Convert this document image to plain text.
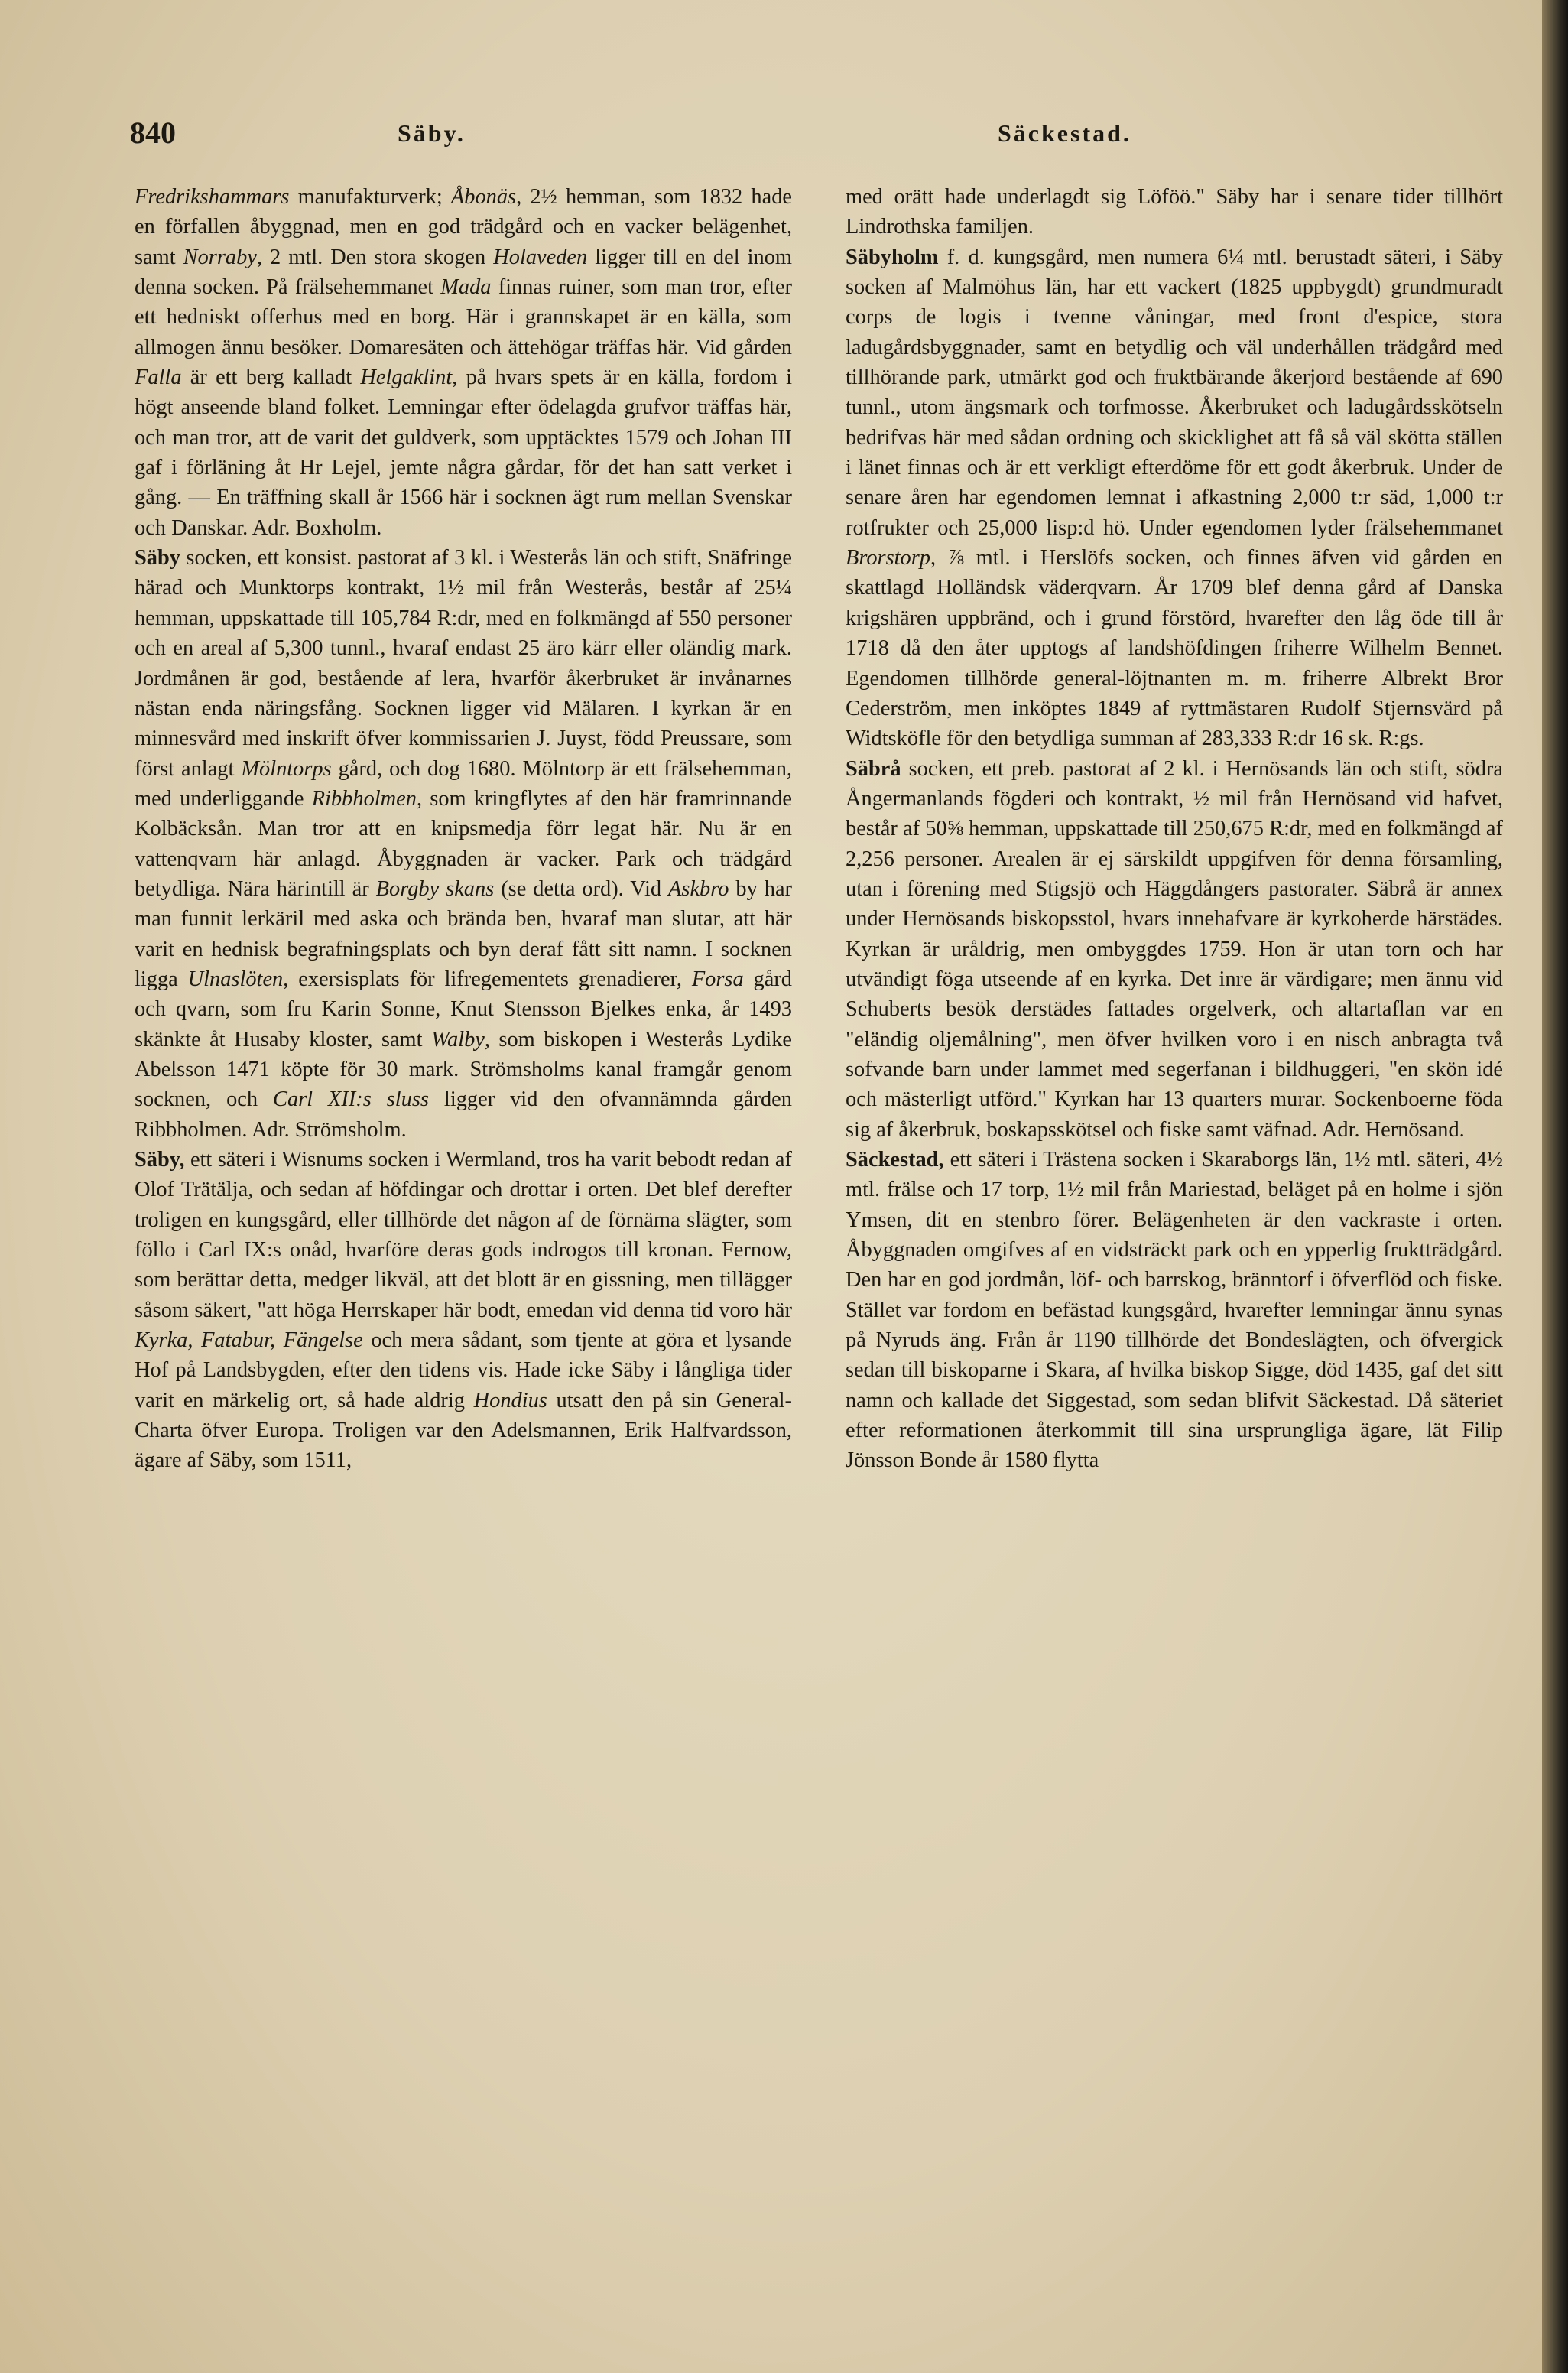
840	Säby.	Säckestad.

Fredrikshammars manufakturverk; Åbonäs, 2½ hemman, som 1832 hade en förfallen åbyggnad, men en god trädgård och en vacker belägenhet, samt Norraby, 2 mtl. Den stora skogen Holaveden ligger till en del inom denna socken. På frälsehemmanet Mada finnas ruiner, som man tror, efter ett hedniskt offerhus med en borg. Här i grannskapet är en källa, som allmogen ännu besöker. Domaresäten och ättehögar träffas här. Vid gården Falla är ett berg kalladt Helgaklint, på hvars spets är en källa, fordom i högt anseende bland folket. Lemningar efter ödelagda grufvor träffas här, och man tror, att de varit det guldverk, som upptäcktes 1579 och Johan III gaf i förläning åt Hr Lejel, jemte några gårdar, för det han satt verket i gång. — En träffning skall år 1566 här i socknen ägt rum mellan Svenskar och Danskar. Adr. Boxholm.

Säby socken, ett konsist. pastorat af 3 kl. i Westerås län och stift, Snäfringe härad och Munktorps kontrakt, 1½ mil från Westerås, består af 25¼ hemman, uppskattade till 105,784 R:dr, med en folkmängd af 550 personer och en areal af 5,300 tunnl., hvaraf endast 25 äro kärr eller oländig mark. Jordmånen är god, bestående af lera, hvarför åkerbruket är invånarnes nästan enda näringsfång. Socknen ligger vid Mälaren. I kyrkan är en minnesvård med inskrift öfver kommissarien J. Juyst, född Preussare, som först anlagt Mölntorps gård, och dog 1680. Mölntorp är ett frälsehemman, med underliggande Ribbholmen, som kringflytes af den här framrinnande Kolbäcksån. Man tror att en knipsmedja förr legat här. Nu är en vattenqvarn här anlagd. Åbyggnaden är vacker. Park och trädgård betydliga. Nära härintill är Borgby skans (se detta ord). Vid Askbro by har man funnit lerkäril med aska och brända ben, hvaraf man slutar, att här varit en hednisk begrafningsplats och byn deraf fått sitt namn. I socknen ligga Ulnaslöten, exersisplats för lifregementets grenadierer, Forsa gård och qvarn, som fru Karin Sonne, Knut Stensson Bjelkes enka, år 1493 skänkte åt Husaby kloster, samt Walby, som biskopen i Westerås Lydike Abelsson 1471 köpte för 30 mark. Strömsholms kanal framgår genom socknen, och Carl XII:s sluss ligger vid den ofvannämnda gården Ribbholmen. Adr. Strömsholm.

Säby, ett säteri i Wisnums socken i Wermland, tros ha varit bebodt redan af Olof Trätälja, och sedan af höfdingar och drottar i orten. Det blef derefter troligen en kungsgård, eller tillhörde det någon af de förnäma slägter, som föllo i Carl IX:s onåd, hvarföre deras gods indrogos till kronan. Fernow, som berättar detta, medger likväl, att det blott är en gissning, men tillägger såsom säkert, "att höga Herrskaper här bodt, emedan vid denna tid voro här Kyrka, Fatabur, Fängelse och mera sådant, som tjente at göra et lysande Hof på Landsbygden, efter den tidens vis. Hade icke Säby i långliga tider varit en märkelig ort, så hade aldrig Hondius utsatt den på sin General-Charta öfver Europa. Troligen var den Adelsmannen, Erik Halfvardsson, ägare af Säby, som 1511,

med orätt hade underlagdt sig Löföö." Säby har i senare tider tillhört Lindrothska familjen.

Säbyholm f. d. kungsgård, men numera 6¼ mtl. berustadt säteri, i Säby socken af Malmöhus län, har ett vackert (1825 uppbygdt) grundmuradt corps de logis i tvenne våningar, med front d'espice, stora ladugårdsbyggnader, samt en betydlig och väl underhållen trädgård med tillhörande park, utmärkt god och fruktbärande åkerjord bestående af 690 tunnl., utom ängsmark och torfmosse. Åkerbruket och ladugårdsskötseln bedrifvas här med sådan ordning och skicklighet att få så väl skötta ställen i länet finnas och är ett verkligt efterdöme för ett godt åkerbruk. Under de senare åren har egendomen lemnat i afkastning 2,000 t:r säd, 1,000 t:r rotfrukter och 25,000 lisp:d hö. Under egendomen lyder frälsehemmanet Brorstorp, ⅞ mtl. i Herslöfs socken, och finnes äfven vid gården en skattlagd Holländsk väderqvarn. År 1709 blef denna gård af Danska krigshären uppbränd, och i grund förstörd, hvarefter den låg öde till år 1718 då den åter upptogs af landshöfdingen friherre Wilhelm Bennet. Egendomen tillhörde general-löjtnanten m. m. friherre Albrekt Bror Cederström, men inköptes 1849 af ryttmästaren Rudolf Stjernsvärd på Widtsköfle för den betydliga summan af 283,333 R:dr 16 sk. R:gs.

Säbrå socken, ett preb. pastorat af 2 kl. i Hernösands län och stift, södra Ångermanlands fögderi och kontrakt, ½ mil från Hernösand vid hafvet, består af 50⅝ hemman, uppskattade till 250,675 R:dr, med en folkmängd af 2,256 personer. Arealen är ej särskildt uppgifven för denna församling, utan i förening med Stigsjö och Häggdångers pastorater. Säbrå är annex under Hernösands biskopsstol, hvars innehafvare är kyrkoherde härstädes. Kyrkan är uråldrig, men ombyggdes 1759. Hon är utan torn och har utvändigt föga utseende af en kyrka. Det inre är värdigare; men ännu vid Schuberts besök derstädes fattades orgelverk, och altartaflan var en "eländig oljemålning", men öfver hvilken voro i en nisch anbragta två sofvande barn under lammet med segerfanan i bildhuggeri, "en skön idé och mästerligt utförd." Kyrkan har 13 quarters murar. Sockenboerne föda sig af åkerbruk, boskapsskötsel och fiske samt väfnad. Adr. Hernösand.

Säckestad, ett säteri i Trästena socken i Skaraborgs län, 1½ mtl. säteri, 4½ mtl. frälse och 17 torp, 1½ mil från Mariestad, beläget på en holme i sjön Ymsen, dit en stenbro förer. Belägenheten är den vackraste i orten. Åbyggnaden omgifves af en vidsträckt park och en ypperlig fruktträdgård. Den har en god jordmån, löf- och barrskog, bränntorf i öfverflöd och fiske. Stället var fordom en befästad kungsgård, hvarefter lemningar ännu synas på Nyruds äng. Från år 1190 tillhörde det Bondeslägten, och öfvergick sedan till biskoparne i Skara, af hvilka biskop Sigge, död 1435, gaf det sitt namn och kallade det Siggestad, som sedan blifvit Säckestad. Då säteriet efter reformationen återkommit till sina ursprungliga ägare, lät Filip Jönsson Bonde år 1580 flytta
